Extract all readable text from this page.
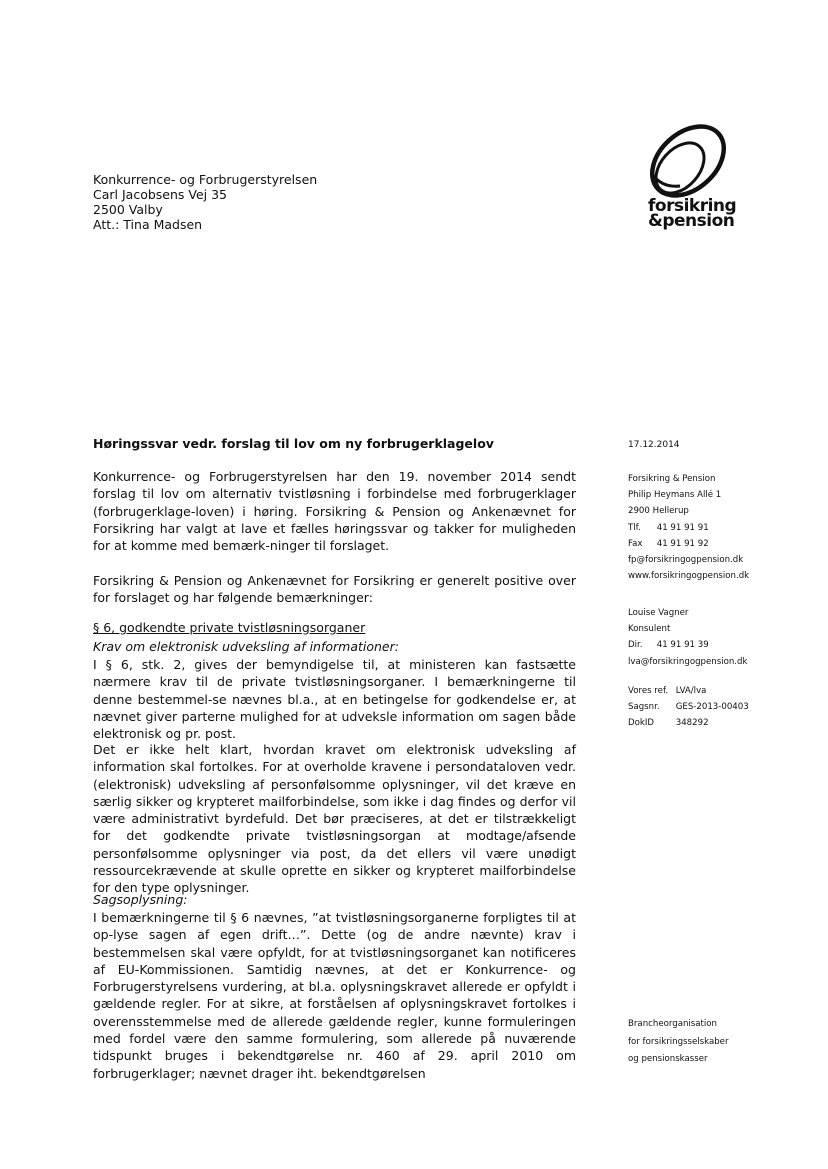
Konkurrence- og Forbrugerstyrelsen
Carl Jacobsens Vej 35
2500 Valby
Att.: Tina Madsen
forsikring
&pension
Høringssvar vedr. forslag til lov om ny forbrugerklagelov	17.12.2014

Konkurrence- og Forbrugerstyrelsen har den 19. november 2014 sendt forslag til lov om alternativ tvistløsning i forbindelse med forbrugerklager (forbrugerklage-loven) i høring. Forsikring & Pension og Ankenævnet for Forsikring har valgt at lave et fælles høringssvar og takker for muligheden for at komme med bemærk-ninger til forslaget.

Forsikring & Pension og Ankenævnet for Forsikring er generelt positive over for forslaget og har følgende bemærkninger:

§ 6, godkendte private tvistløsningsorganer
Krav om elektronisk udveksling af informationer:

I § 6, stk. 2, gives der bemyndigelse til, at ministeren kan fastsætte nærmere krav til de private tvistløsningsorganer. I bemærkningerne til denne bestemmel-se nævnes bl.a., at en betingelse for godkendelse er, at nævnet giver parterne mulighed for at udveksle information om sagen både elektronisk og pr. post.

Det er ikke helt klart, hvordan kravet om elektronisk udveksling af information skal fortolkes. For at overholde kravene i persondataloven vedr. (elektronisk) udveksling af personfølsomme oplysninger, vil det kræve en særlig sikker og krypteret mailforbindelse, som ikke i dag findes og derfor vil være administrativt byrdefuld. Det bør præciseres, at det er tilstrækkeligt for det godkendte private tvistløsningsorgan at modtage/afsende personfølsomme oplysninger via post, da det ellers vil være unødigt ressourcekrævende at skulle oprette en sikker og krypteret mailforbindelse for den type oplysninger.

Sagsoplysning:

I bemærkningerne til § 6 nævnes, ”at tvistløsningsorganerne forpligtes til at op-lyse sagen af egen drift…”. Dette (og de andre nævnte) krav i bestemmelsen skal være opfyldt, for at tvistløsningsorganet kan notificeres af EU-Kommissionen. Samtidig nævnes, at det er Konkurrence- og Forbrugerstyrelsens vurdering, at bl.a. oplysningskravet allerede er opfyldt i gældende regler. For at sikre, at forståelsen af oplysningskravet fortolkes i overensstemmelse med de allerede gældende regler, kunne formuleringen med fordel være den samme formulering, som allerede på nuværende tidspunkt bruges i bekendtgørelse nr. 460 af 29. april 2010 om forbrugerklager; nævnet drager iht. bekendtgørelsen

Forsikring & Pension
Philip Heymans Allé 1
2900 Hellerup
Tlf. 41 91 91 91
Fax 41 91 91 92
fp@forsikringogpension.dk
www.forsikringogpension.dk
Louise Vagner
Konsulent
Dir. 41 91 91 39
lva@forsikringogpension.dk
Vores ref. LVA/lva
Sagsnr. GES-2013-00403
DokID	348292
Brancheorganisation
for forsikringsselskaber
og pensionskasser
